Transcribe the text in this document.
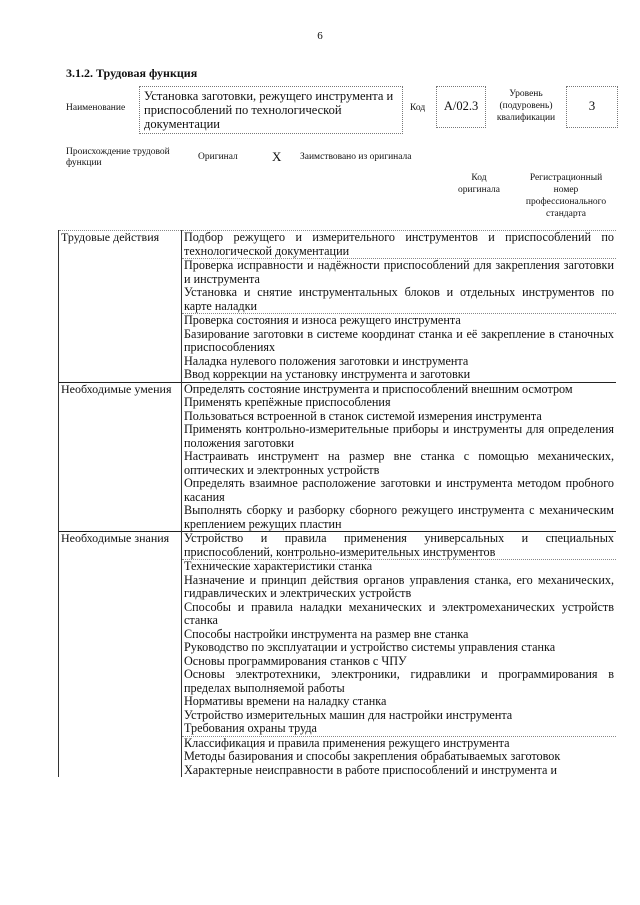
6
3.1.2. Трудовая функция
Наименование
Установка заготовки, режущего инструмента и приспособлений по технологической документации
Код	А/02.3
Уровень (подуровень) квалификации
3
Происхождение трудовой функции
Оригинал	X Заимствовано из оригинала
Код оригинала
Регистрационный номер профессионального стандарта
Трудовые действия	Подбор режущего и измерительного инструментов и приспособлений по технологической документации
	Проверка исправности и надёжности приспособлений для закрепления заготовки и инструмента
	Установка и снятие инструментальных блоков и отдельных инструментов по карте наладки
	Проверка состояния и износа режущего инструмента
	Базирование заготовки в системе координат станка и её закрепление в станочных приспособлениях
	Наладка нулевого положения заготовки и инструмента
	Ввод коррекции на установку инструмента и заготовки
Необходимые умения	Определять состояние инструмента и приспособлений внешним осмотром
	Применять крепёжные приспособления
	Пользоваться встроенной в станок системой измерения инструмента
	Применять контрольно-измерительные приборы и инструменты для определения положения заготовки
	Настраивать инструмент на размер вне станка с помощью механических, оптических и электронных устройств
	Определять взаимное расположение заготовки и инструмента методом пробного касания
	Выполнять сборку и разборку сборного режущего инструмента с механическим креплением режущих пластин
Необходимые знания	Устройство и правила применения универсальных и специальных приспособлений, контрольно-измерительных инструментов
	Технические характеристики станка
	Назначение и принцип действия органов управления станка, его механических, гидравлических и электрических устройств
	Способы и правила наладки механических и электромеханических устройств станка
	Способы настройки инструмента на размер вне станка
	Руководство по эксплуатации и устройство системы управления станка
	Основы программирования станков с ЧПУ
	Основы электротехники, электроники, гидравлики и программирования в пределах выполняемой работы
	Нормативы времени на наладку станка
	Устройство измерительных машин для настройки инструмента
	Требования охраны труда
	Классификация и правила применения режущего инструмента
	Методы базирования и способы закрепления обрабатываемых заготовок
	Характерные неисправности в работе приспособлений и инструмента и
